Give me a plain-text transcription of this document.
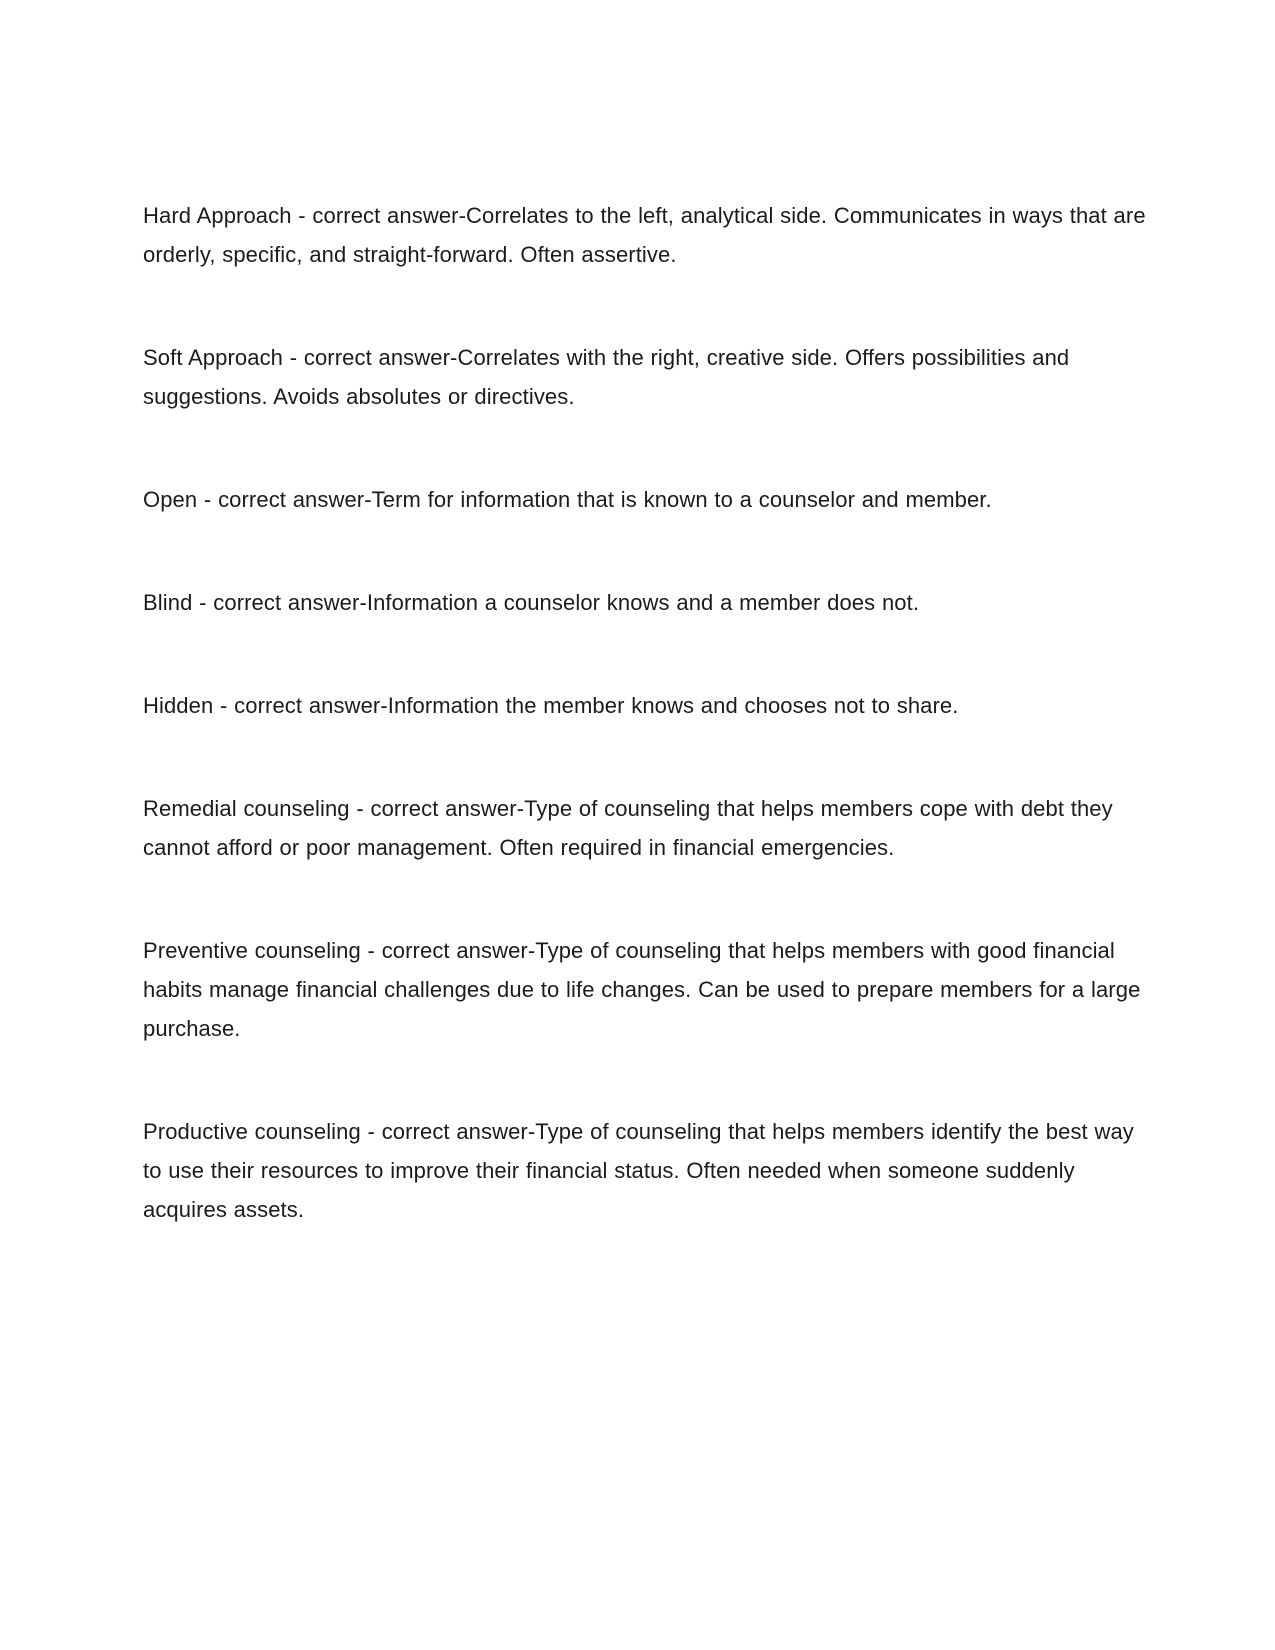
Hard Approach - correct answer-Correlates to the left, analytical side. Communicates in ways that are orderly, specific, and straight-forward. Often assertive.

Soft Approach - correct answer-Correlates with the right, creative side. Offers possibilities and suggestions. Avoids absolutes or directives.

Open - correct answer-Term for information that is known to a counselor and member.

Blind - correct answer-Information a counselor knows and a member does not.

Hidden - correct answer-Information the member knows and chooses not to share.

Remedial counseling - correct answer-Type of counseling that helps members cope with debt they cannot afford or poor management. Often required in financial emergencies.

Preventive counseling - correct answer-Type of counseling that helps members with good financial habits manage financial challenges due to life changes. Can be used to prepare members for a large purchase.

Productive counseling - correct answer-Type of counseling that helps members identify the best way to use their resources to improve their financial status. Often needed when someone suddenly acquires assets.
